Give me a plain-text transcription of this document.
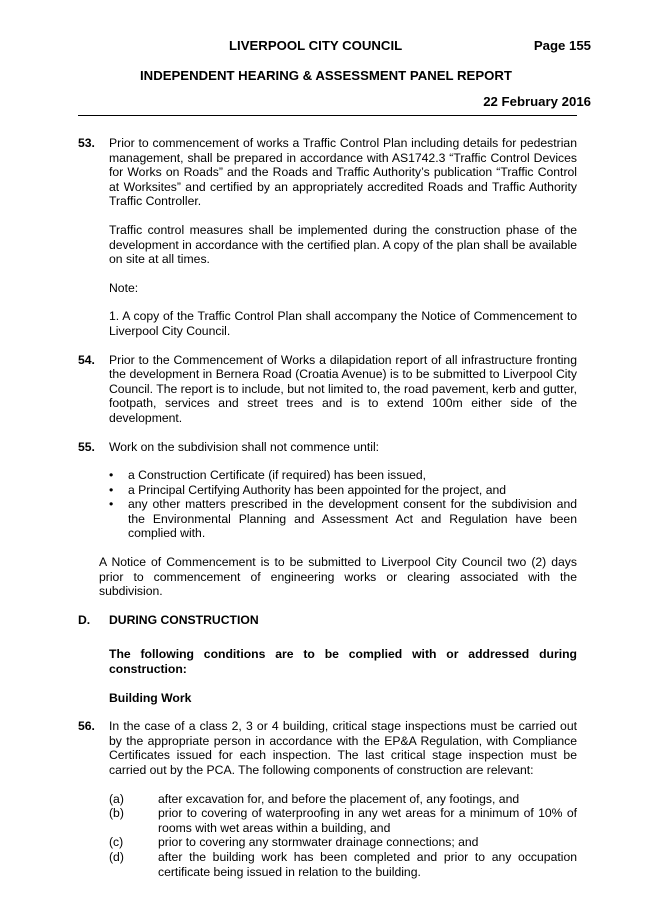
LIVERPOOL CITY COUNCIL	Page 155
INDEPENDENT HEARING & ASSESSMENT PANEL REPORT
22 February 2016
53. Prior to commencement of works a Traffic Control Plan including details for pedestrian management, shall be prepared in accordance with AS1742.3 “Traffic Control Devices for Works on Roads” and the Roads and Traffic Authority’s publication “Traffic Control at Worksites” and certified by an appropriately accredited Roads and Traffic Authority Traffic Controller.

Traffic control measures shall be implemented during the construction phase of the development in accordance with the certified plan. A copy of the plan shall be available on site at all times.

Note:

1. A copy of the Traffic Control Plan shall accompany the Notice of Commencement to Liverpool City Council.

54. Prior to the Commencement of Works a dilapidation report of all infrastructure fronting the development in Bernera Road (Croatia Avenue) is to be submitted to Liverpool City Council. The report is to include, but not limited to, the road pavement, kerb and gutter, footpath, services and street trees and is to extend 100m either side of the development.

55. Work on the subdivision shall not commence until:

• a Construction Certificate (if required) has been issued,
• a Principal Certifying Authority has been appointed for the project, and
• any other matters prescribed in the development consent for the subdivision and the Environmental Planning and Assessment Act and Regulation have been complied with.
A Notice of Commencement is to be submitted to Liverpool City Council two (2) days prior to commencement of engineering works or clearing associated with the subdivision.
D. DURING CONSTRUCTION
The following conditions are to be complied with or addressed during construction:
Building Work
56. In the case of a class 2, 3 or 4 building, critical stage inspections must be carried out by the appropriate person in accordance with the EP&A Regulation, with Compliance Certificates issued for each inspection. The last critical stage inspection must be carried out by the PCA. The following components of construction are relevant:

(a)	after excavation for, and before the placement of, any footings, and
(b)	prior to covering of waterproofing in any wet areas for a minimum of 10% of rooms with wet areas within a building, and
(c)	prior to covering any stormwater drainage connections; and
(d)	after the building work has been completed and prior to any occupation certificate being issued in relation to the building.
